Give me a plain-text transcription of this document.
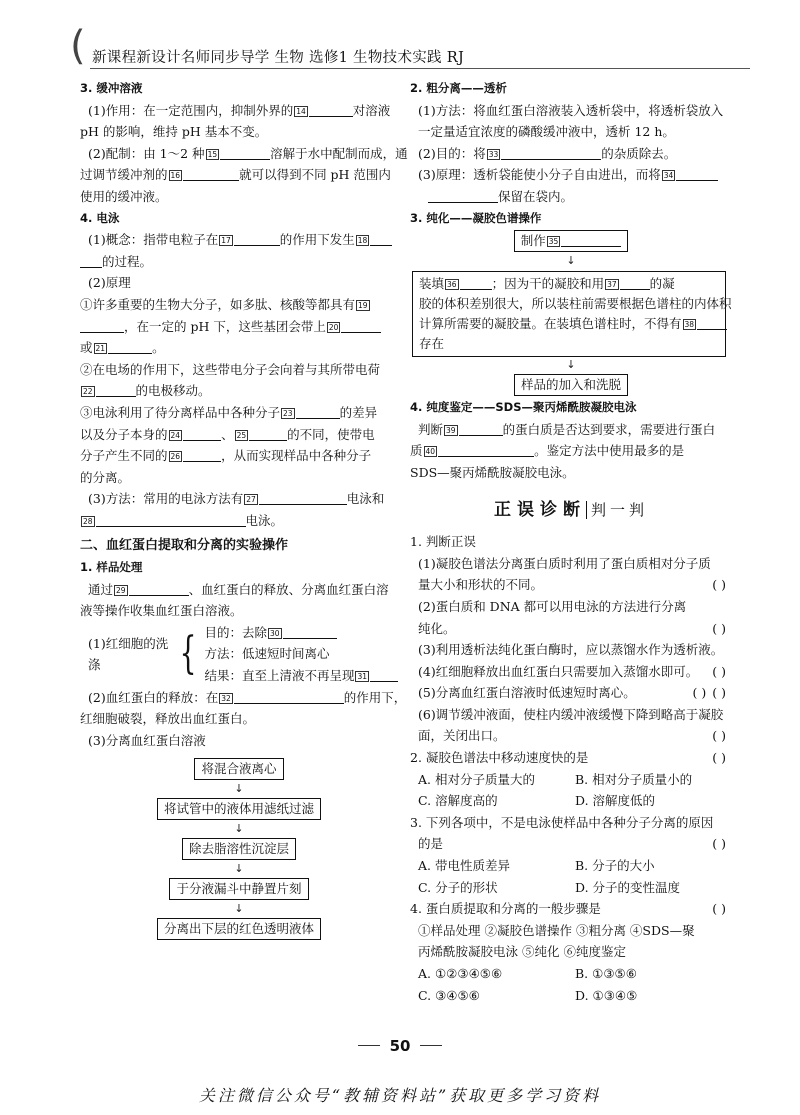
( 新课程新设计名师同步导学 生物 选修1 生物技术实践 RJ
3. 缓冲溶液
(1)作用：在一定范围内，抑制外界的 14	对溶液
pH 的影响，维持 pH 基本不变。
(2)配制：由 1～2 种 15	溶解于水中配制而成，通
过调节缓冲剂的 16	就可以得到不同 pH 范围内
使用的缓冲液。
4. 电泳
(1)概念：指带电粒子在 17	的作用下发生 18
的过程。
(2)原理
①许多重要的生物大分子，如多肽、核酸等都具有 19
，在一定的 pH 下，这些基团会带上 20
或 21	。
②在电场的作用下，这些带电分子会向着与其所带电荷
22	的电极移动。
③电泳利用了待分离样品中各种分子 23	的差异
以及分子本身的 24	、 25	的不同，使带电
分子产生不同的 26	，从而实现样品中各种分子
的分离。
(3)方法：常用的电泳方法有 27	电泳和
28	电泳。
二、血红蛋白提取和分离的实验操作
1. 样品处理
通过 29	、血红蛋白的释放、分离血红蛋白溶
液等操作收集血红蛋白溶液。
(1)红细胞的洗涤	{ 目的：去除 30
方法：低速短时间离心
结果：直至上清液不再呈现 31
(2)血红蛋白的释放：在 32	的作用下，
红细胞破裂，释放出血红蛋白。
(3)分离血红蛋白溶液
将混合液离心
↓
将试管中的液体用滤纸过滤
↓
除去脂溶性沉淀层
↓
于分液漏斗中静置片刻
↓
分离出下层的红色透明液体
2. 粗分离——透析
(1)方法：将血红蛋白溶液装入透析袋中，将透析袋放入
一定量适宜浓度的磷酸缓冲液中，透析 12 h。
(2)目的：将 33	的杂质除去。
(3)原理：透析袋能使小分子自由进出，而将 34
保留在袋内。
3. 纯化——凝胶色谱操作
制作 35
↓
装填 36	；因为干的凝胶和用 37	的凝
胶的体积差别很大，所以装柱前需要根据色谱柱的内体积
计算所需要的凝胶量。在装填色谱柱时，不得有 38
存在
↓
样品的加入和洗脱
4. 纯度鉴定——SDS—聚丙烯酰胺凝胶电泳
判断 39	的蛋白质是否达到要求，需要进行蛋白
质 40	。鉴定方法中使用最多的是
SDS—聚丙烯酰胺凝胶电泳。
正误诊断 判一判
1. 判断正误
(1)凝胶色谱法分离蛋白质时利用了蛋白质相对分子质
量大小和形状的不同。	( )
(2)蛋白质和 DNA 都可以用电泳的方法进行分离
纯化。	( )
(3)利用透析法纯化蛋白酶时，应以蒸馏水作为透析液。
( )
(4)红细胞释放出血红蛋白只需要加入蒸馏水即可。
( )
(5)分离血红蛋白溶液时低速短时离心。	( )
(6)调节缓冲液面，使柱内缓冲液缓慢下降到略高于凝胶
面，关闭出口。	( )
2. 凝胶色谱法中移动速度快的是	( )
A. 相对分子质量大的	B. 相对分子质量小的
C. 溶解度高的	D. 溶解度低的
3. 下列各项中，不是电泳使样品中各种分子分离的原因
的是	( )
A. 带电性质差异	B. 分子的大小
C. 分子的形状	D. 分子的变性温度
4. 蛋白质提取和分离的一般步骤是	( )
①样品处理 ②凝胶色谱操作 ③粗分离 ④SDS—聚
丙烯酰胺凝胶电泳 ⑤纯化 ⑥纯度鉴定
A. ①②③④⑤⑥	B. ①③⑤⑥
C. ③④⑤⑥	D. ①③④⑤
50
关注微信公众号“教辅资料站”获取更多学习资料
